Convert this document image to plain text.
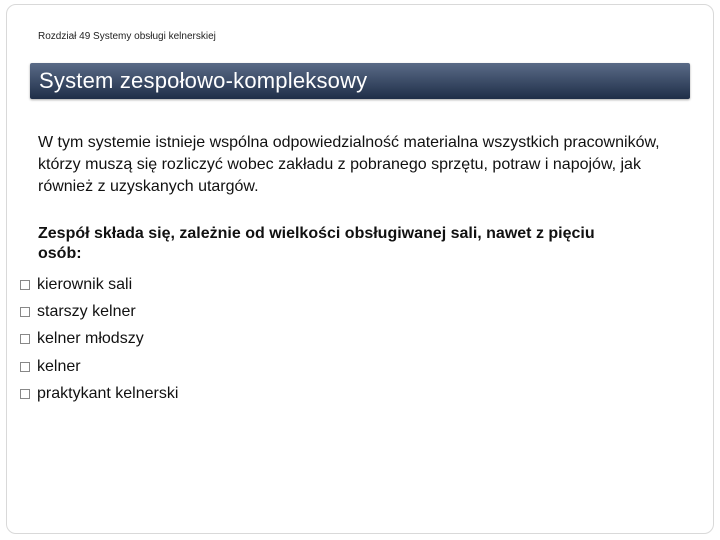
Rozdział 49 Systemy obsługi kelnerskiej
System zespołowo-kompleksowy

W tym systemie istnieje wspólna odpowiedzialność materialna wszystkich pracowników, którzy muszą się rozliczyć wobec zakładu z pobranego sprzętu, potraw i napojów, jak również z uzyskanych utargów.

Zespół składa się, zależnie od wielkości obsługiwanej sali, nawet z pięciu osób:

kierownik sali
starszy kelner
kelner młodszy
kelner
praktykant kelnerski
